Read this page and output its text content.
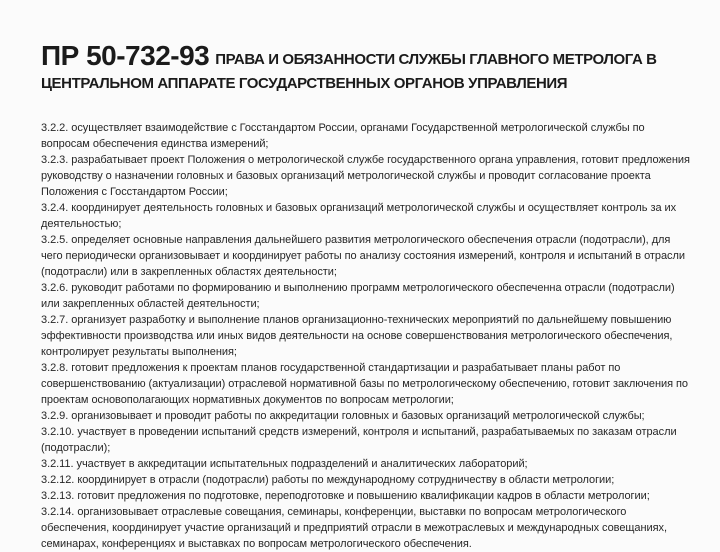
ПР 50-732-93 ПРАВА И ОБЯЗАННОСТИ СЛУЖБЫ ГЛАВНОГО МЕТРОЛОГА В ЦЕНТРАЛЬНОМ АППАРАТЕ ГОСУДАРСТВЕННЫХ ОРГАНОВ УПРАВЛЕНИЯ

3.2.2. осуществляет взаимодействие с Госстандартом России, органами Государственной метрологической службы по вопросам обеспечения единства измерений;

3.2.3. разрабатывает проект Положения о метрологической службе государственного органа управления, готовит предложения руководству о назначении головных и базовых организаций метрологической службы и проводит согласование проекта Положения с Госстандартом России;

3.2.4. координирует деятельность головных и базовых организаций метрологической службы и осуществляет контроль за их деятельностью;

3.2.5. определяет основные направления дальнейшего развития метрологического обеспечения отрасли (подотрасли), для чего периодически организовывает и координирует работы по анализу состояния измерений, контроля и испытаний в отрасли (подотрасли) или в закрепленных областях деятельности;

3.2.6. руководит работами по формированию и выполнению программ метрологического обеспеченна отрасли (подотрасли) или закрепленных областей деятельности;

3.2.7. организует разработку и выполнение планов организационно-технических мероприятий по дальнейшему повышению эффективности производства или иных видов деятельности на основе совершенствования метрологического обеспечения, контролирует результаты выполнения;

3.2.8. готовит предложения к проектам планов государственной стандартизации и разрабатывает планы работ по совершенствованию (актуализации) отраслевой нормативной базы по метрологическому обеспечению, готовит заключения по проектам основополагающих нормативных документов по вопросам метрологии;

3.2.9. организовывает и проводит работы по аккредитации головных и базовых организаций метрологической службы;

3.2.10. участвует в проведении испытаний средств измерений, контроля и испытаний, разрабатываемых по заказам отрасли (подотрасли);

3.2.11. участвует в аккредитации испытательных подразделений и аналитических лабораторий;

3.2.12. координирует в отрасли (подотрасли) работы по международному сотрудничеству в области метрологии;

3.2.13. готовит предложения по подготовке, переподготовке и повышению квалификации кадров в области метрологии;

3.2.14. организовывает отраслевые совещания, семинары, конференции, выставки по вопросам метрологического обеспечения, координирует участие организаций и предприятий отрасли в межотраслевых и международных совещаниях, семинарах, конференциях и выставках по вопросам метрологического обеспечения.
